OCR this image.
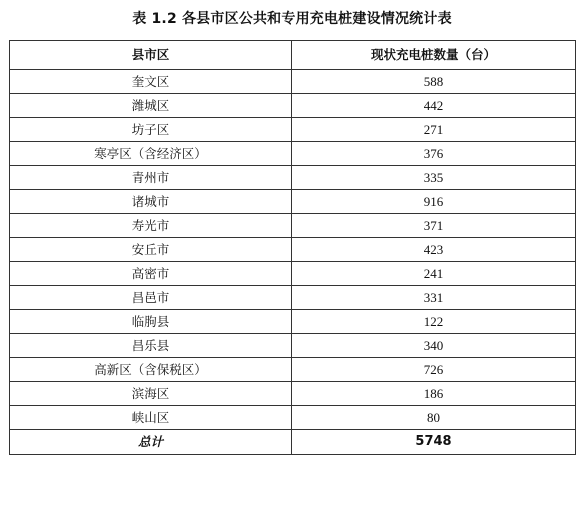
表 1.2 各县市区公共和专用充电桩建设情况统计表
县市区	现状充电桩数量（台）
奎文区	588
潍城区	442
坊子区	271
寒亭区（含经济区）	376
青州市	335
诸城市	916
寿光市	371
安丘市	423
高密市	241
昌邑市	331
临朐县	122
昌乐县	340
高新区（含保税区）	726
滨海区	186
峡山区	80
总计	5748
